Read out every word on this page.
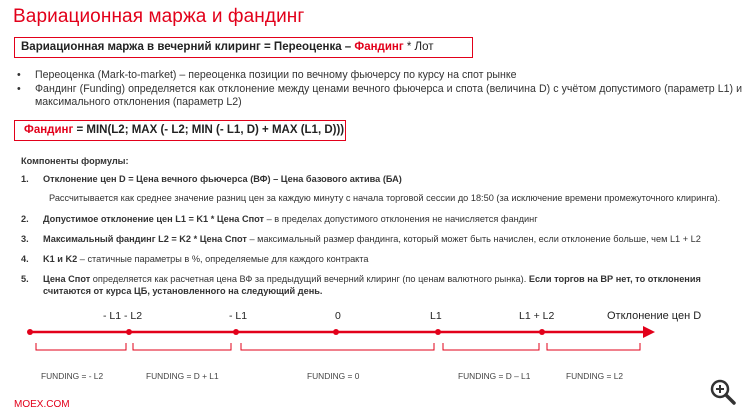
Вариационная маржа и фандинг
Вариационная маржа в вечерний клиринг = Переоценка – Фандинг * Лот
•	Переоценка (Mark-to-market) – переоценка позиции по вечному фьючерсу по курсу на спот рынке
•	Фандинг (Funding) определяется как отклонение между ценами вечного фьючерса и спота (величина D) с учётом допустимого (параметр L1) и максимального отклонения (параметр L2)
Фандинг = MIN(L2; MAX (- L2; MIN (- L1, D) + MAX (L1, D)))
Компоненты формулы:
1.	Отклонение цен D = Цена вечного фьючерса (ВФ) – Цена базового актива (БА)
Рассчитывается как среднее значение разниц цен за каждую минуту с начала торговой сессии до 18:50 (за исключение времени промежуточного клиринга).
2.	Допустимое отклонение цен L1 = K1 * Цена Спот – в пределах допустимого отклонения не начисляется фандинг
3.	Максимальный фандинг L2 = K2 * Цена Спот – максимальный размер фандинга, который может быть начислен, если отклонение больше, чем L1 + L2
4.	K1 и K2 – статичные параметры в %, определяемые для каждого контракта
5.	Цена Спот определяется как расчетная цена ВФ за предыдущий вечерний клиринг (по ценам валютного рынка). Если торгов на ВР нет, то отклонения считаются от курса ЦБ, установленного на следующий день.
- L1 - L2	- L1	0	L1	L1 + L2	Отклонение цен D
FUNDING = - L2	FUNDING = D + L1	FUNDING = 0	FUNDING = D – L1	FUNDING = L2
MOEX.COM
